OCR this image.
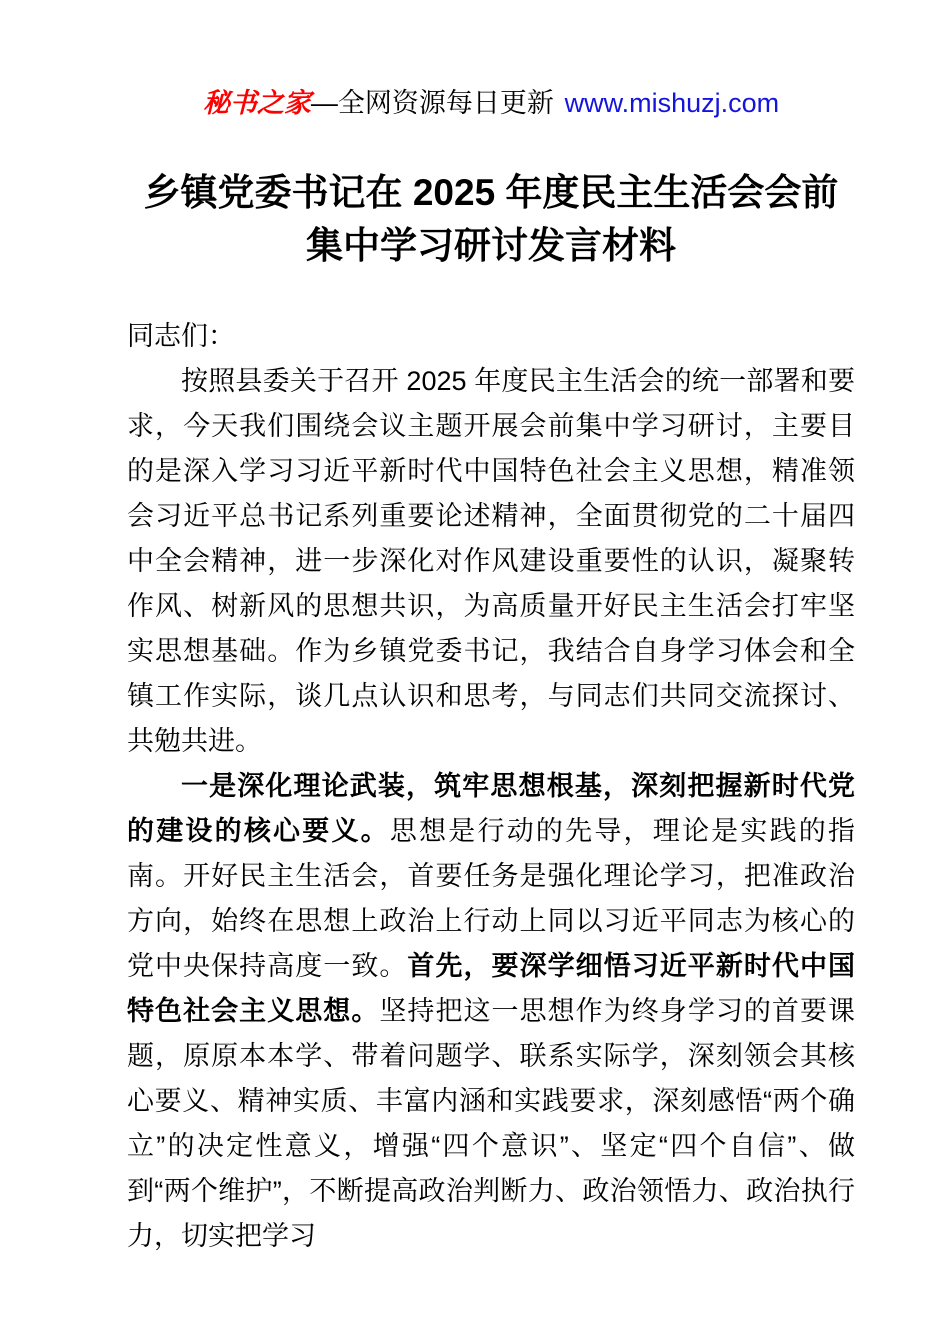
秘书之家—全网资源每日更新 www.mishuzj.com
乡镇党委书记在 2025 年度民主生活会会前
集中学习研讨发言材料

同志们：

按照县委关于召开 2025 年度民主生活会的统一部署和要求，今天我们围绕会议主题开展会前集中学习研讨，主要目的是深入学习习近平新时代中国特色社会主义思想，精准领会习近平总书记系列重要论述精神，全面贯彻党的二十届四中全会精神，进一步深化对作风建设重要性的认识，凝聚转作风、树新风的思想共识，为高质量开好民主生活会打牢坚实思想基础。作为乡镇党委书记，我结合自身学习体会和全镇工作实际，谈几点认识和思考，与同志们共同交流探讨、共勉共进。

一是深化理论武装，筑牢思想根基，深刻把握新时代党的建设的核心要义。思想是行动的先导，理论是实践的指南。开好民主生活会，首要任务是强化理论学习，把准政治方向，始终在思想上政治上行动上同以习近平同志为核心的党中央保持高度一致。首先，要深学细悟习近平新时代中国特色社会主义思想。坚持把这一思想作为终身学习的首要课题，原原本本学、带着问题学、联系实际学，深刻领会其核心要义、精神实质、丰富内涵和实践要求，深刻感悟“两个确立”的决定性意义，增强“四个意识”、坚定“四个自信”、做到“两个维护”，不断提高政治判断力、政治领悟力、政治执行力，切实把学习
